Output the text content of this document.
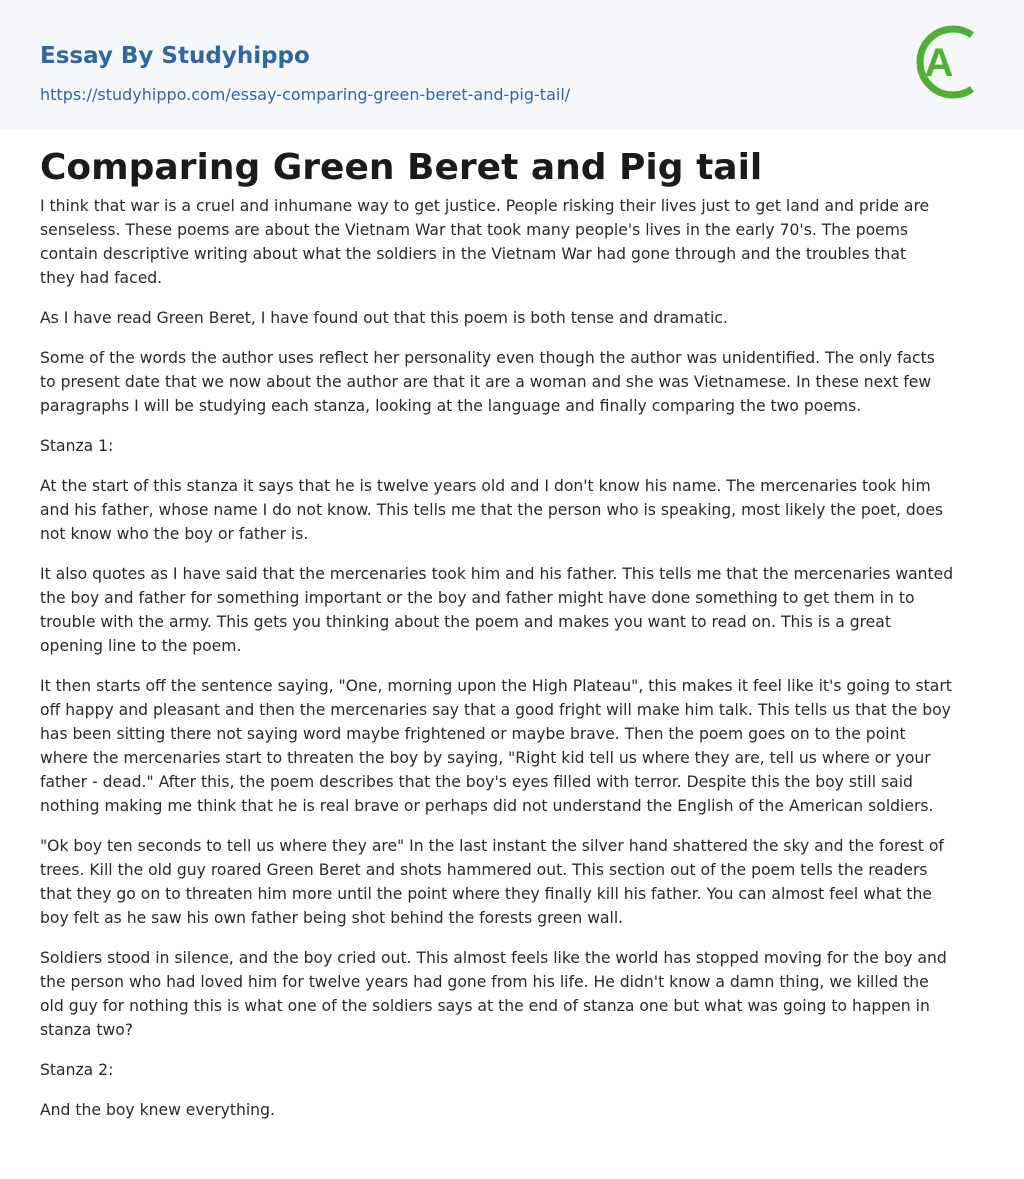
Essay By Studyhippo
https://studyhippo.com/essay-comparing-green-beret-and-pig-tail/
A
Comparing Green Beret and Pig tail

I think that war is a cruel and inhumane way to get justice. People risking their lives just to get land and pride are
senseless. These poems are about the Vietnam War that took many people's lives in the early 70's. The poems
contain descriptive writing about what the soldiers in the Vietnam War had gone through and the troubles that
they had faced.

As I have read Green Beret, I have found out that this poem is both tense and dramatic.

Some of the words the author uses reflect her personality even though the author was unidentified. The only facts
to present date that we now about the author are that it are a woman and she was Vietnamese. In these next few
paragraphs I will be studying each stanza, looking at the language and finally comparing the two poems.

Stanza 1:

At the start of this stanza it says that he is twelve years old and I don't know his name. The mercenaries took him
and his father, whose name I do not know. This tells me that the person who is speaking, most likely the poet, does
not know who the boy or father is.

It also quotes as I have said that the mercenaries took him and his father. This tells me that the mercenaries wanted
the boy and father for something important or the boy and father might have done something to get them in to
trouble with the army. This gets you thinking about the poem and makes you want to read on. This is a great
opening line to the poem.

It then starts off the sentence saying, "One, morning upon the High Plateau", this makes it feel like it's going to start
off happy and pleasant and then the mercenaries say that a good fright will make him talk. This tells us that the boy
has been sitting there not saying word maybe frightened or maybe brave. Then the poem goes on to the point
where the mercenaries start to threaten the boy by saying, "Right kid tell us where they are, tell us where or your
father - dead." After this, the poem describes that the boy's eyes filled with terror. Despite this the boy still said
nothing making me think that he is real brave or perhaps did not understand the English of the American soldiers.

"Ok boy ten seconds to tell us where they are" In the last instant the silver hand shattered the sky and the forest of
trees. Kill the old guy roared Green Beret and shots hammered out. This section out of the poem tells the readers
that they go on to threaten him more until the point where they finally kill his father. You can almost feel what the
boy felt as he saw his own father being shot behind the forests green wall.

Soldiers stood in silence, and the boy cried out. This almost feels like the world has stopped moving for the boy and
the person who had loved him for twelve years had gone from his life. He didn't know a damn thing, we killed the
old guy for nothing this is what one of the soldiers says at the end of stanza one but what was going to happen in
stanza two?

Stanza 2:

And the boy knew everything.
